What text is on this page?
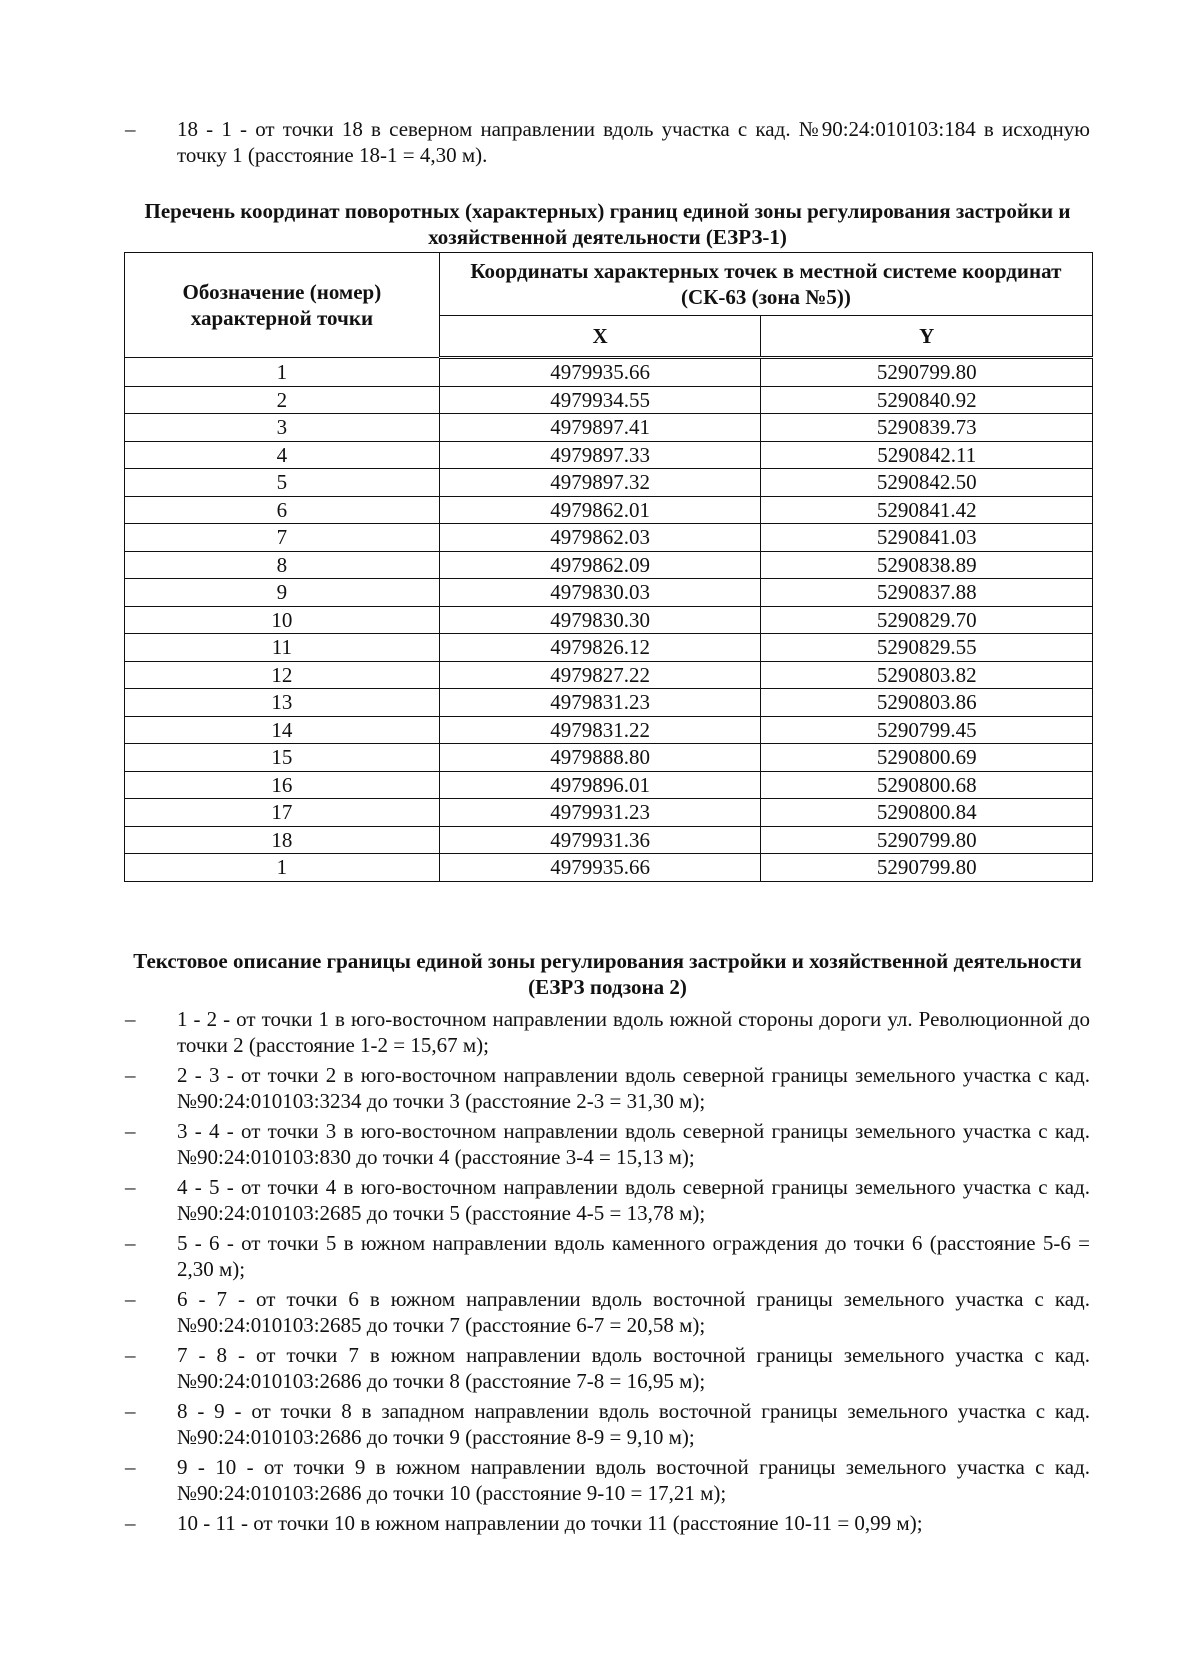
– 18 - 1 - от точки 18 в северном направлении вдоль участка с кад. №90:24:010103:184 в исходную точку 1 (расстояние 18-1 = 4,30 м).
Перечень координат поворотных (характерных) границ единой зоны регулирования застройки и хозяйственной деятельности (ЕЗРЗ-1)
Обозначение (номер) характерной точки	Координаты характерных точек в местной системе координат (СК-63 (зона №5))	
	X	Y
1	4979935.66	5290799.80
2	4979934.55	5290840.92
3	4979897.41	5290839.73
4	4979897.33	5290842.11
5	4979897.32	5290842.50
6	4979862.01	5290841.42
7	4979862.03	5290841.03
8	4979862.09	5290838.89
9	4979830.03	5290837.88
10	4979830.30	5290829.70
11	4979826.12	5290829.55
12	4979827.22	5290803.82
13	4979831.23	5290803.86
14	4979831.22	5290799.45
15	4979888.80	5290800.69
16	4979896.01	5290800.68
17	4979931.23	5290800.84
18	4979931.36	5290799.80
1	4979935.66	5290799.80
Текстовое описание границы единой зоны регулирования застройки и хозяйственной деятельности (ЕЗРЗ подзона 2)
– 1 - 2 - от точки 1 в юго-восточном направлении вдоль южной стороны дороги ул. Революционной до точки 2 (расстояние 1-2 = 15,67 м);
– 2 - 3 - от точки 2 в юго-восточном направлении вдоль северной границы земельного участка с кад. №90:24:010103:3234 до точки 3 (расстояние 2-3 = 31,30 м);
– 3 - 4 - от точки 3 в юго-восточном направлении вдоль северной границы земельного участка с кад. №90:24:010103:830 до точки 4 (расстояние 3-4 = 15,13 м);
– 4 - 5 - от точки 4 в юго-восточном направлении вдоль северной границы земельного участка с кад. №90:24:010103:2685 до точки 5 (расстояние 4-5 = 13,78 м);
– 5 - 6 - от точки 5 в южном направлении вдоль каменного ограждения до точки 6 (расстояние 5-6 = 2,30 м);
– 6 - 7 - от точки 6 в южном направлении вдоль восточной границы земельного участка с кад. №90:24:010103:2685 до точки 7 (расстояние 6-7 = 20,58 м);
– 7 - 8 - от точки 7 в южном направлении вдоль восточной границы земельного участка с кад. №90:24:010103:2686 до точки 8 (расстояние 7-8 = 16,95 м);
– 8 - 9 - от точки 8 в западном направлении вдоль восточной границы земельного участка с кад. №90:24:010103:2686 до точки 9 (расстояние 8-9 = 9,10 м);
– 9 - 10 - от точки 9 в южном направлении вдоль восточной границы земельного участка с кад. №90:24:010103:2686 до точки 10 (расстояние 9-10 = 17,21 м);
– 10 - 11 - от точки 10 в южном направлении до точки 11 (расстояние 10-11 = 0,99 м);
